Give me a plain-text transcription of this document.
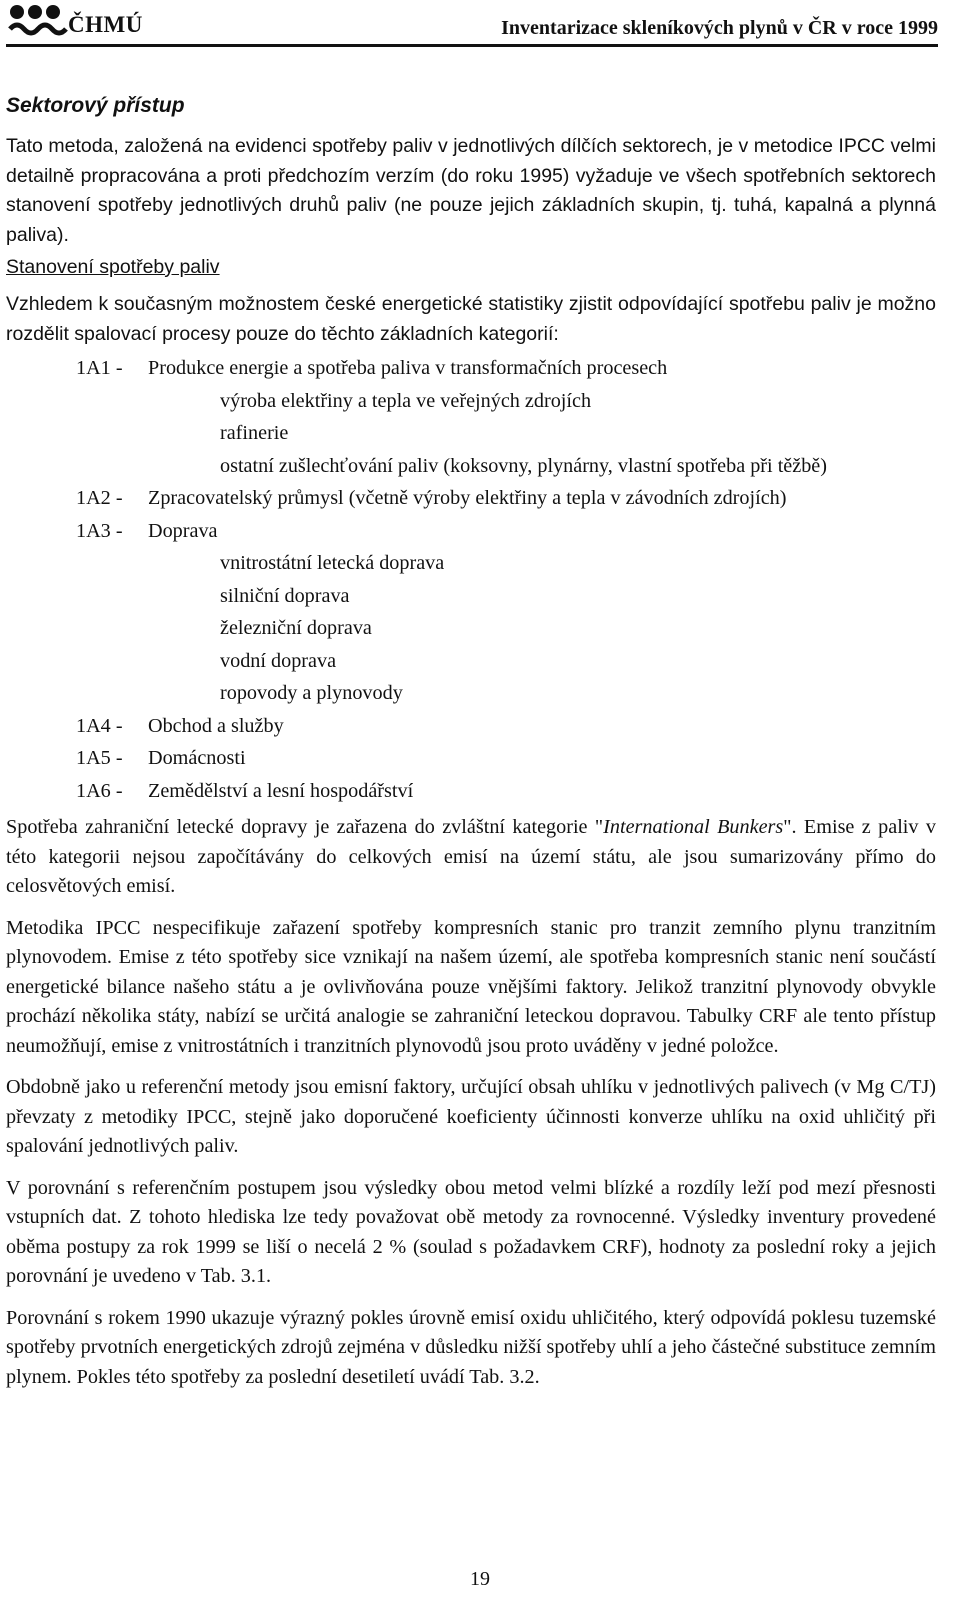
ČHMÚ	Inventarizace skleníkových plynů v ČR v roce 1999
Sektorový přístup

Tato metoda, založená na evidenci spotřeby paliv v jednotlivých dílčích sektorech, je v metodice IPCC velmi detailně propracována a proti předchozím verzím (do roku 1995) vyžaduje ve všech spotřebních sektorech stanovení spotřeby jednotlivých druhů paliv (ne pouze jejich základních skupin, tj. tuhá, kapalná a plynná paliva).

Stanovení spotřeby paliv

Vzhledem k současným možnostem české energetické statistiky zjistit odpovídající spotřebu paliv je možno rozdělit spalovací procesy pouze do těchto základních kategorií:

1A1 -	Produkce energie a spotřeba paliva v transformačních procesech
výroba elektřiny a tepla ve veřejných zdrojích
rafinerie
ostatní zušlechťování paliv (koksovny, plynárny, vlastní spotřeba při těžbě)
1A2 -	Zpracovatelský průmysl (včetně výroby elektřiny a tepla v závodních zdrojích)
1A3 -	Doprava
vnitrostátní letecká doprava
silniční doprava
železniční doprava
vodní doprava
ropovody a plynovody
1A4 -	Obchod a služby
1A5 -	Domácnosti
1A6 -	Zemědělství a lesní hospodářství

Spotřeba zahraniční letecké dopravy je zařazena do zvláštní kategorie "International Bunkers". Emise z paliv v této kategorii nejsou započítávány do celkových emisí na území státu, ale jsou sumarizovány přímo do celosvětových emisí.

Metodika IPCC nespecifikuje zařazení spotřeby kompresních stanic pro tranzit zemního plynu tranzitním plynovodem. Emise z této spotřeby sice vznikají na našem území, ale spotřeba kompresních stanic není součástí energetické bilance našeho státu a je ovlivňována pouze vnějšími faktory. Jelikož tranzitní plynovody obvykle prochází několika státy, nabízí se určitá analogie se zahraniční leteckou dopravou. Tabulky CRF ale tento přístup neumožňují, emise z vnitrostátních i tranzitních plynovodů jsou proto uváděny v jedné položce.

Obdobně jako u referenční metody jsou emisní faktory, určující obsah uhlíku v jednotlivých palivech (v Mg C/TJ) převzaty z metodiky IPCC, stejně jako doporučené koeficienty účinnosti konverze uhlíku na oxid uhličitý při spalování jednotlivých paliv.

V porovnání s referenčním postupem jsou výsledky obou metod velmi blízké a rozdíly leží pod mezí přesnosti vstupních dat. Z tohoto hlediska lze tedy považovat obě metody za rovnocenné. Výsledky inventury provedené oběma postupy za rok 1999 se liší o necelá 2 % (soulad s požadavkem CRF), hodnoty za poslední roky a jejich porovnání je uvedeno v Tab. 3.1.

Porovnání s rokem 1990 ukazuje výrazný pokles úrovně emisí oxidu uhličitého, který odpovídá poklesu tuzemské spotřeby prvotních energetických zdrojů zejména v důsledku nižší spotřeby uhlí a jeho částečné substituce zemním plynem. Pokles této spotřeby za poslední desetiletí uvádí Tab. 3.2.

19
